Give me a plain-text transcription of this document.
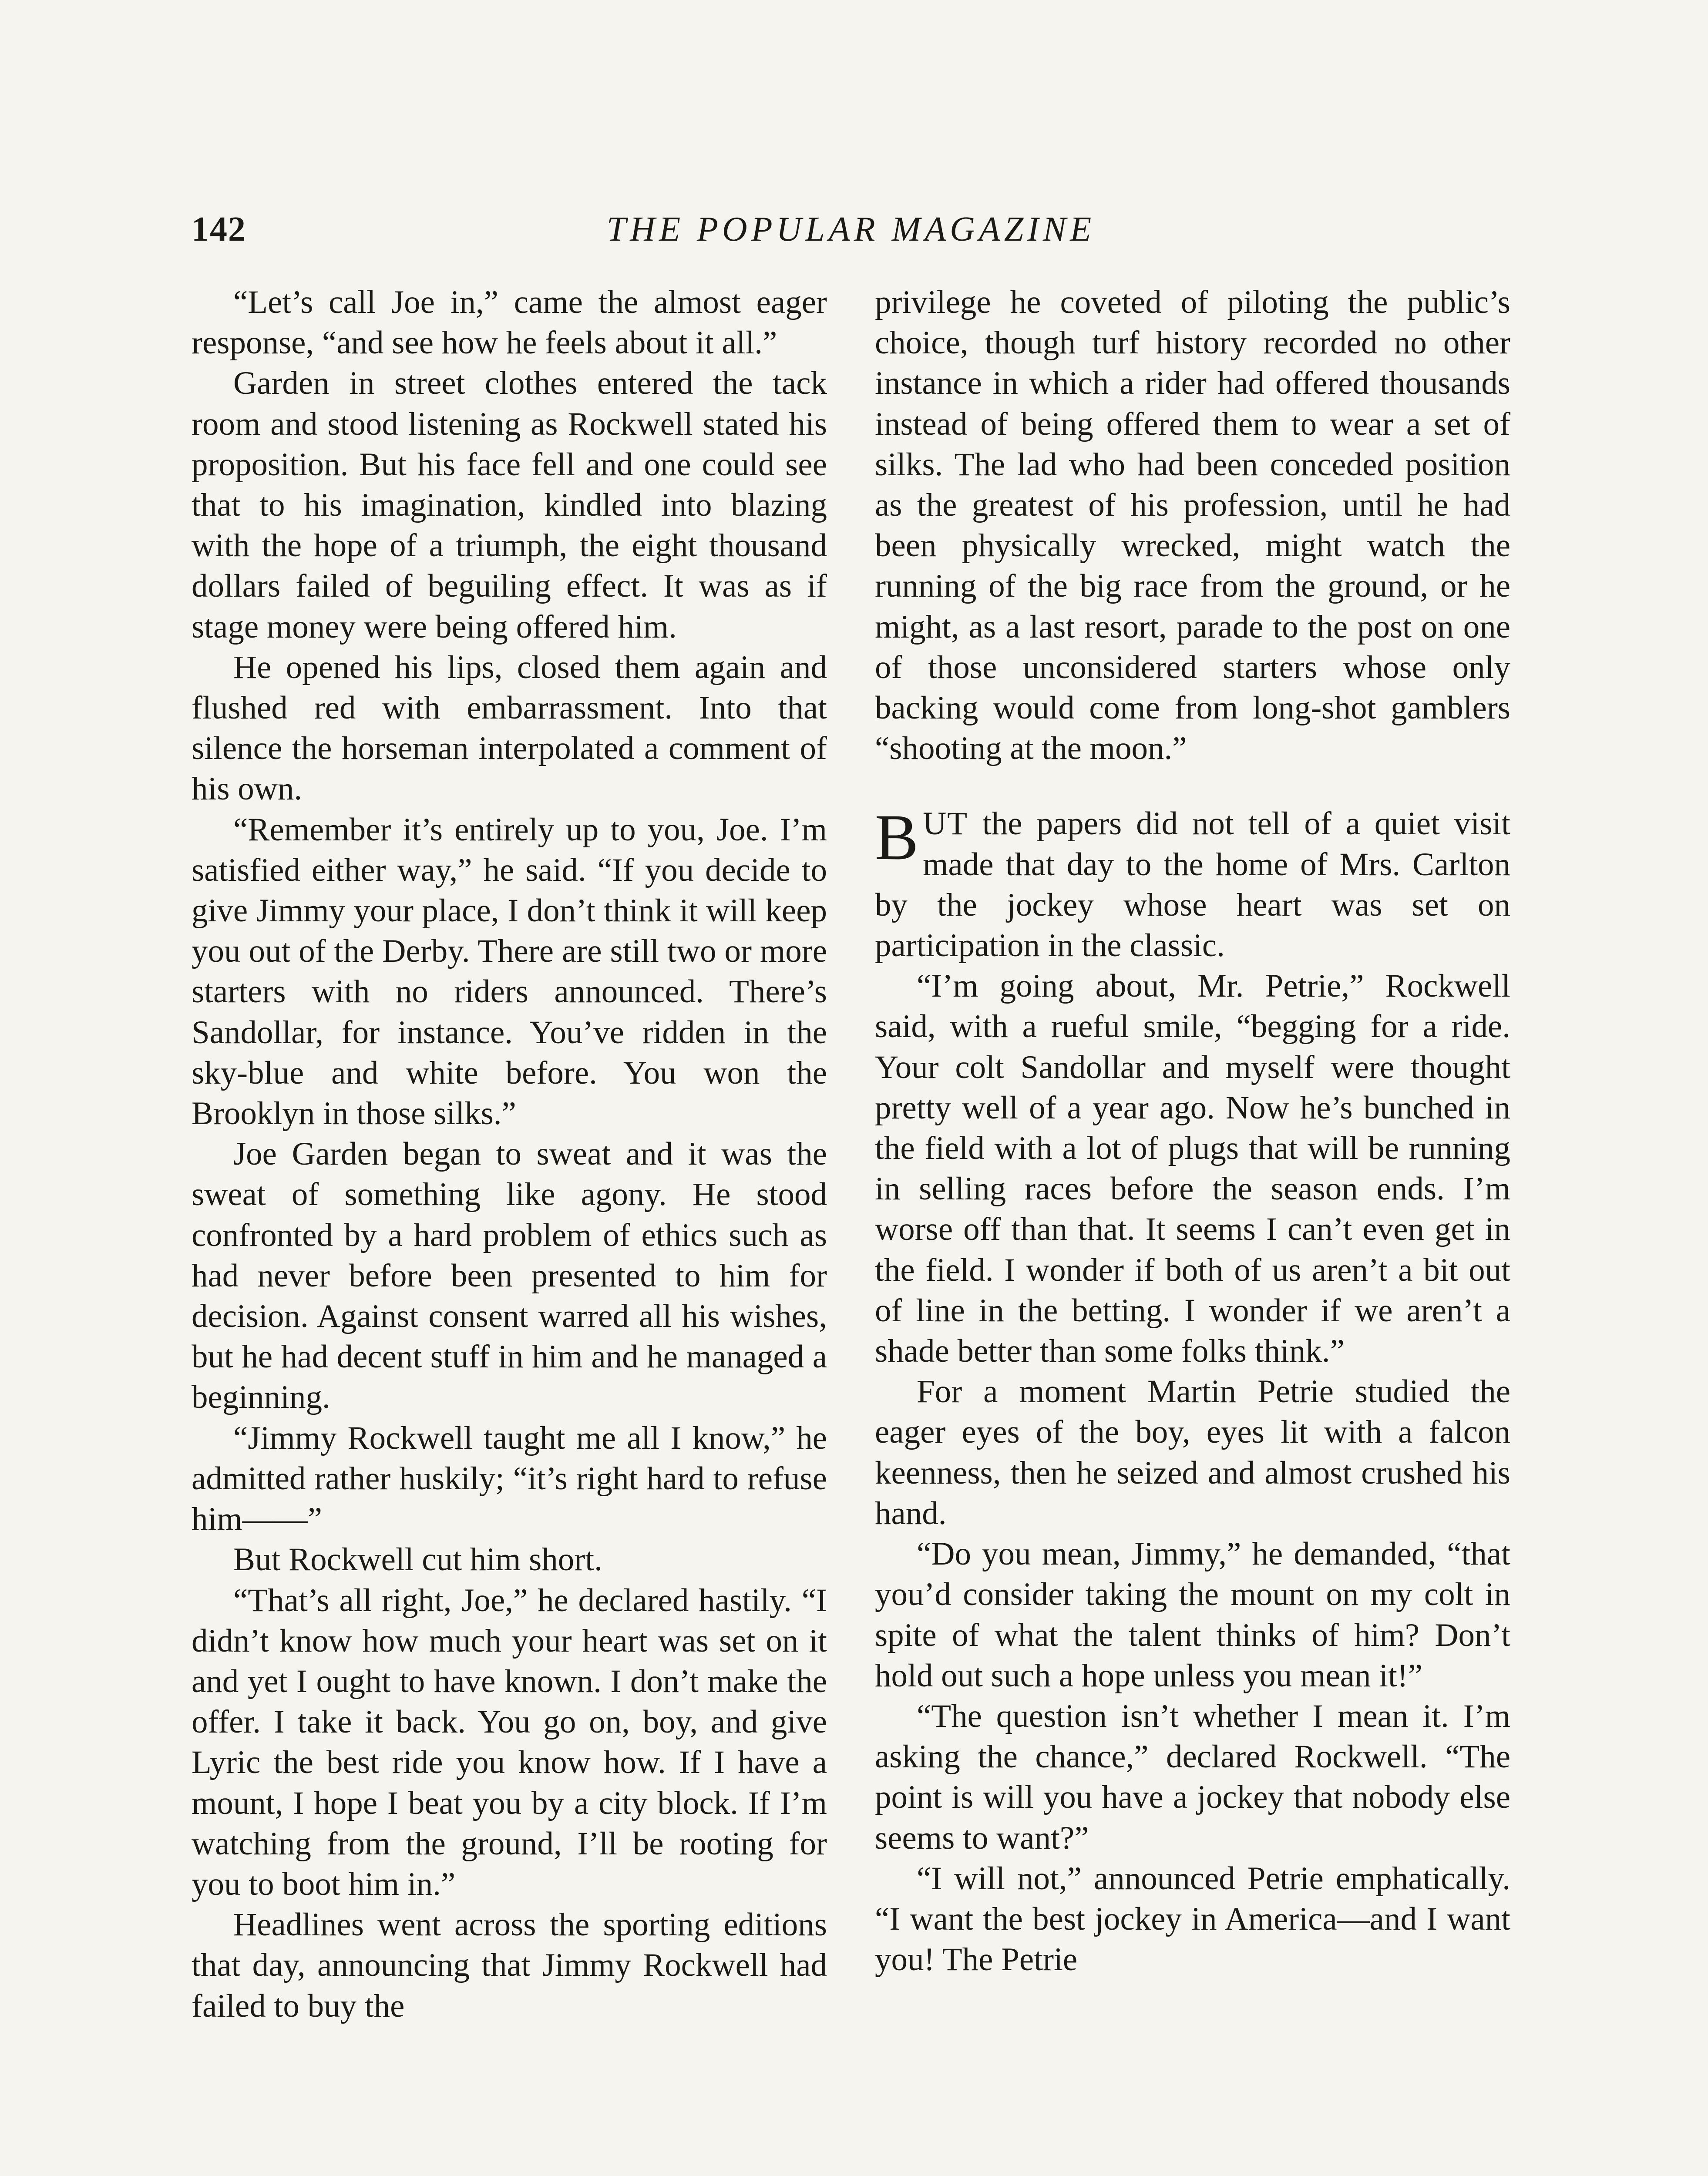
142	THE POPULAR MAGAZINE

“Let’s call Joe in,” came the almost eager response, “and see how he feels about it all.”

Garden in street clothes entered the tack room and stood listening as Rockwell stated his proposition. But his face fell and one could see that to his imagination, kindled into blazing with the hope of a triumph, the eight thousand dollars failed of beguiling effect. It was as if stage money were being offered him.

He opened his lips, closed them again and flushed red with embarrassment. Into that silence the horseman interpolated a comment of his own.

“Remember it’s entirely up to you, Joe. I’m satisfied either way,” he said. “If you decide to give Jimmy your place, I don’t think it will keep you out of the Derby. There are still two or more starters with no riders announced. There’s Sandollar, for instance. You’ve ridden in the sky-blue and white before. You won the Brooklyn in those silks.”

Joe Garden began to sweat and it was the sweat of something like agony. He stood confronted by a hard problem of ethics such as had never before been presented to him for decision. Against consent warred all his wishes, but he had decent stuff in him and he managed a beginning.

“Jimmy Rockwell taught me all I know,” he admitted rather huskily; “it’s right hard to refuse him——”

But Rockwell cut him short.

“That’s all right, Joe,” he declared hastily. “I didn’t know how much your heart was set on it and yet I ought to have known. I don’t make the offer. I take it back. You go on, boy, and give Lyric the best ride you know how. If I have a mount, I hope I beat you by a city block. If I’m watching from the ground, I’ll be rooting for you to boot him in.”

Headlines went across the sporting editions that day, announcing that Jimmy Rockwell had failed to buy the

privilege he coveted of piloting the public’s choice, though turf history recorded no other instance in which a rider had offered thousands instead of being offered them to wear a set of silks. The lad who had been conceded position as the greatest of his profession, until he had been physically wrecked, might watch the running of the big race from the ground, or he might, as a last resort, parade to the post on one of those unconsidered starters whose only backing would come from long-shot gamblers “shooting at the moon.”

BUT the papers did not tell of a quiet visit made that day to the home of Mrs. Carlton by the jockey whose heart was set on participation in the classic.

“I’m going about, Mr. Petrie,” Rockwell said, with a rueful smile, “begging for a ride. Your colt Sandollar and myself were thought pretty well of a year ago. Now he’s bunched in the field with a lot of plugs that will be running in selling races before the season ends. I’m worse off than that. It seems I can’t even get in the field. I wonder if both of us aren’t a bit out of line in the betting. I wonder if we aren’t a shade better than some folks think.”

For a moment Martin Petrie studied the eager eyes of the boy, eyes lit with a falcon keenness, then he seized and almost crushed his hand.

“Do you mean, Jimmy,” he demanded, “that you’d consider taking the mount on my colt in spite of what the talent thinks of him? Don’t hold out such a hope unless you mean it!”

“The question isn’t whether I mean it. I’m asking the chance,” declared Rockwell. “The point is will you have a jockey that nobody else seems to want?”

“I will not,” announced Petrie emphatically. “I want the best jockey in America—and I want you! The Petrie
